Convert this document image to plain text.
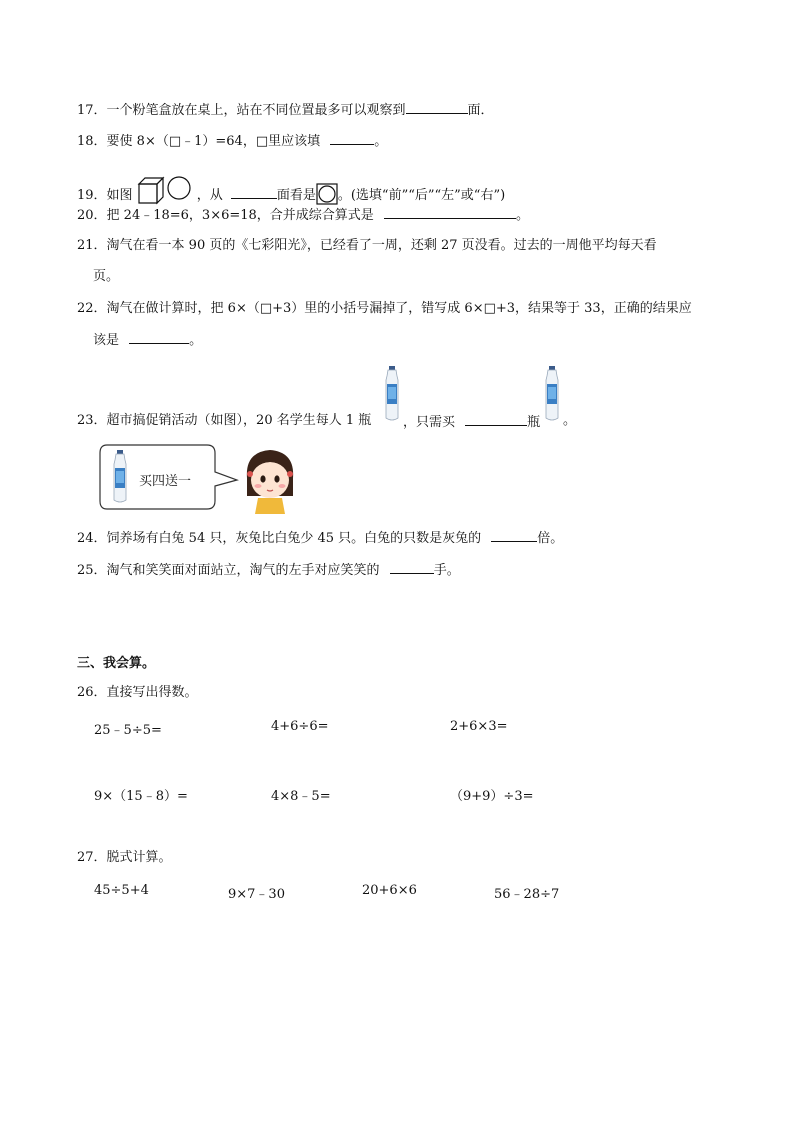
17．一个粉笔盒放在桌上，站在不同位置最多可以观察到	面．
18．要使 8×（□﹣1）=64，□里应该填	。
19．如图	，从	面看是 。(选填“前”“后”“左”或“右”)
20．把 24﹣18=6，3×6=18，合并成综合算式是	。
21．淘气在看一本 90 页的《七彩阳光》，已经看了一周，还剩 27 页没看。过去的一周他平均每天看
页。
22．淘气在做计算时，把 6×（□+3）里的小括号漏掉了，错写成 6×□+3，结果等于 33，正确的结果应
该是	。
23．超市搞促销活动（如图），20 名学生每人 1 瓶 ，只需买	瓶 。
买四送一
24．饲养场有白兔 54 只，灰兔比白兔少 45 只。白兔的只数是灰兔的	倍。
25．淘气和笑笑面对面站立，淘气的左手对应笑笑的	手。
三、我会算。
26．直接写出得数。
25﹣5÷5=	4+6÷6=	2+6×3=
9×（15﹣8）=	4×8﹣5=	（9+9）÷3=
27．脱式计算。
45÷5+4	9×7﹣30	20+6×6	56﹣28÷7
